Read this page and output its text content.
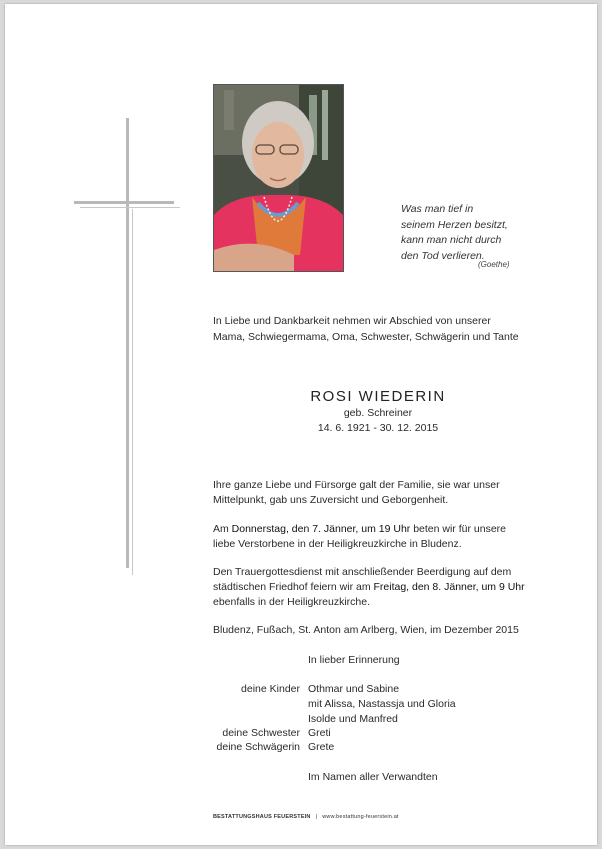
Was man tief in
seinem Herzen besitzt,
kann man nicht durch
den Tod verlieren.
(Goethe)
In Liebe und Dankbarkeit nehmen wir Abschied von unserer
Mama, Schwiegermama, Oma, Schwester, Schwägerin und Tante
ROSI WIEDERIN
geb. Schreiner
14. 6. 1921 - 30. 12. 2015
Ihre ganze Liebe und Fürsorge galt der Familie, sie war unser
Mittelpunkt, gab uns Zuversicht und Geborgenheit.
Am Donnerstag, den 7. Jänner, um 19 Uhr beten wir für unsere
liebe Verstorbene in der Heiligkreuzkirche in Bludenz.
Den Trauergottesdienst mit anschließender Beerdigung auf dem
städtischen Friedhof feiern wir am Freitag, den 8. Jänner, um 9 Uhr
ebenfalls in der Heiligkreuzkirche.
Bludenz, Fußach, St. Anton am Arlberg, Wien, im Dezember 2015
In lieber Erinnerung
deine Kinder Othmar und Sabine
mit Alissa, Nastassja und Gloria
Isolde und Manfred
deine Schwester Greti
deine Schwägerin Grete
Im Namen aller Verwandten
BESTATTUNGSHAUS FEUERSTEIN | www.bestattung-feuerstein.at
